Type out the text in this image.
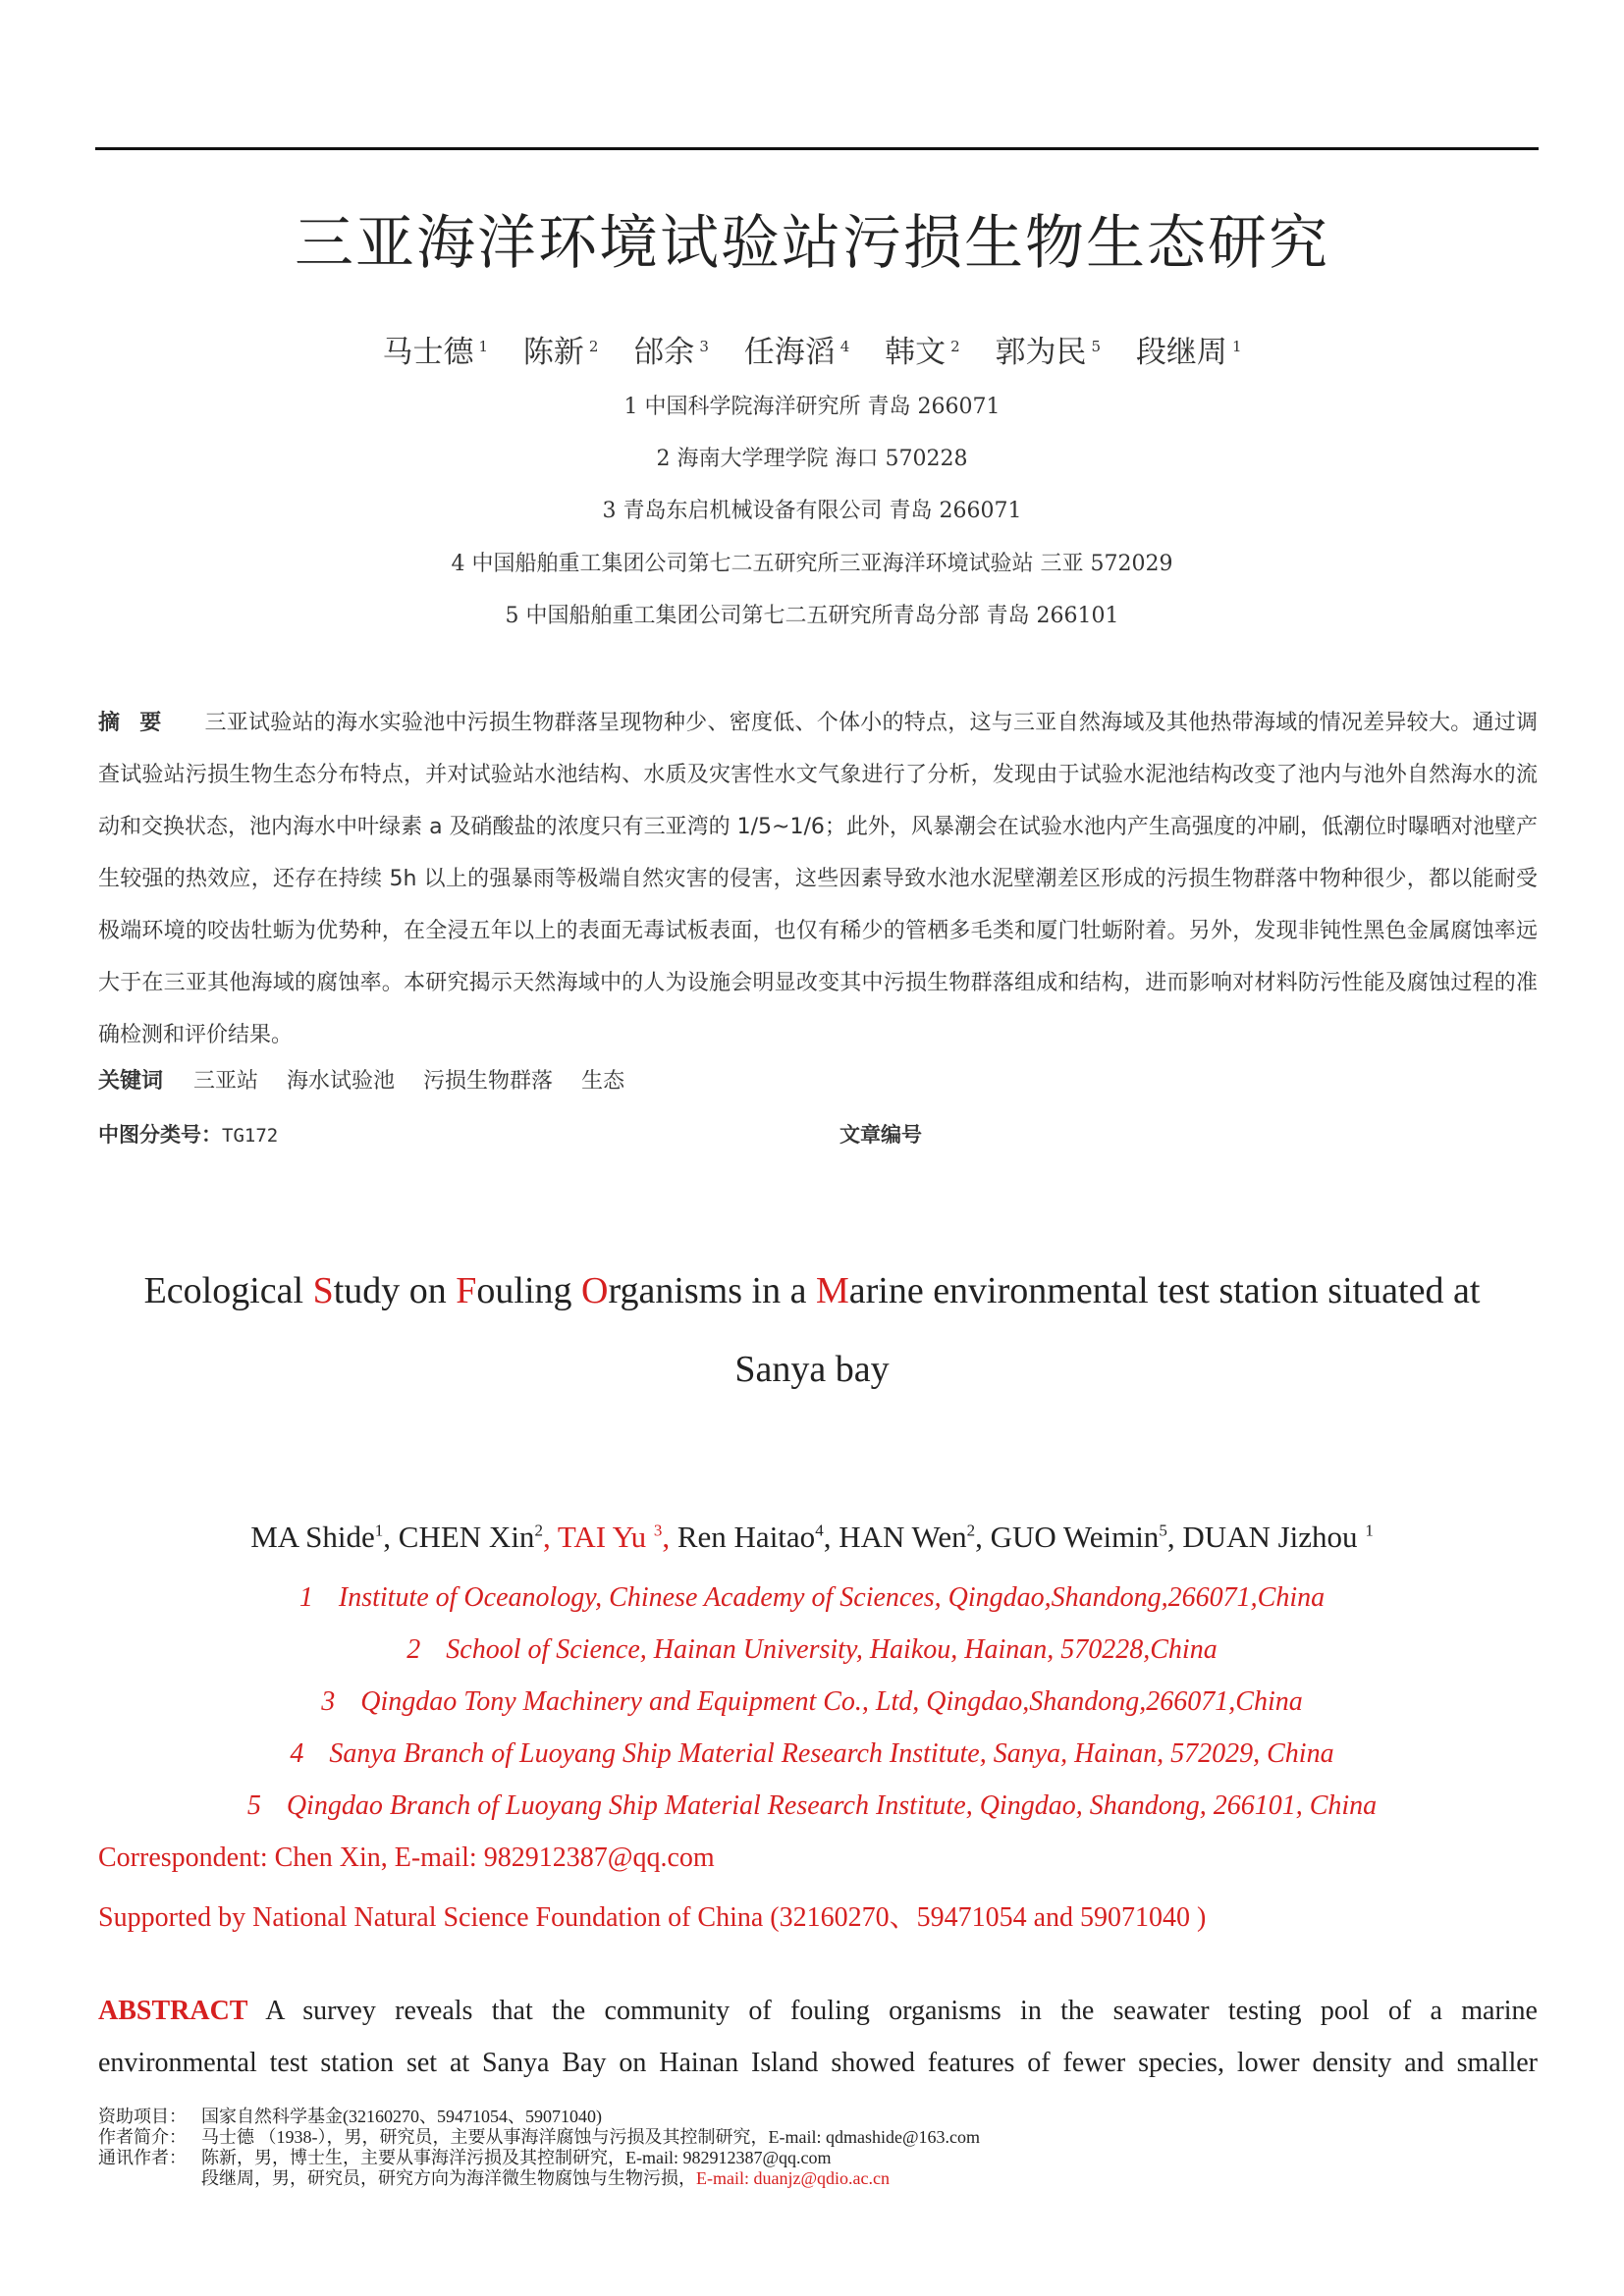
三亚海洋环境试验站污损生物生态研究
马士德 $^1$ 陈新 $^2$ 邰余 $^3$ 任海滔 $^4$ 韩文 $^2$ 郭为民 $^5$ 段继周 $^1$
1 中国科学院海洋研究所 青岛 266071
2 海南大学理学院 海口 570228
3 青岛东启机械设备有限公司 青岛 266071
4 中国船舶重工集团公司第七二五研究所三亚海洋环境试验站 三亚 572029
5 中国船舶重工集团公司第七二五研究所青岛分部 青岛 266101
摘要 三亚试验站的海水实验池中污损生物群落呈现物种少、密度低、个体小的特点，这与三亚自然海域及其他热带海域的情况差异较大。通过调查试验站污损生物生态分布特点，并对试验站水池结构、水质及灾害性水文气象进行了分析，发现由于试验水泥池结构改变了池内与池外自然海水的流动和交换状态，池内海水中叶绿素 a 及硝酸盐的浓度只有三亚湾的 1/5~1/6；此外，风暴潮会在试验水池内产生高强度的冲刷，低潮位时曝晒对池壁产生较强的热效应，还存在持续 5h 以上的强暴雨等极端自然灾害的侵害，这些因素导致水池水泥壁潮差区形成的污损生物群落中物种很少，都以能耐受极端环境的咬齿牡蛎为优势种，在全浸五年以上的表面无毒试板表面，也仅有稀少的管栖多毛类和厦门牡蛎附着。另外，发现非钝性黑色金属腐蚀率远大于在三亚其他海域的腐蚀率。本研究揭示天然海域中的人为设施会明显改变其中污损生物群落组成和结构，进而影响对材料防污性能及腐蚀过程的准确检测和评价结果。
关键词 三亚站 海水试验池 污损生物群落 生态
中图分类号：TG172	文章编号
Ecological Study on Fouling Organisms in a Marine environmental test station situated at
Sanya bay
MA Shide$^1$, CHEN Xin$^2$, TAI Yu $^3$, Ren Haitao$^4$, HAN Wen$^2$, GUO Weimin$^5$, DUAN Jizhou $^1$
1 Institute of Oceanology, Chinese Academy of Sciences, Qingdao,Shandong,266071,China
2 School of Science, Hainan University, Haikou, Hainan, 570228,China
3 Qingdao Tony Machinery and Equipment Co., Ltd, Qingdao,Shandong,266071,China
4 Sanya Branch of Luoyang Ship Material Research Institute, Sanya, Hainan, 572029, China
5 Qingdao Branch of Luoyang Ship Material Research Institute, Qingdao, Shandong, 266101, China
Correspondent: Chen Xin, E-mail: 982912387@qq.com
Supported by National Natural Science Foundation of China (32160270、59471054 and 59071040 )
ABSTRACT A survey reveals that the community of fouling organisms in the seawater testing pool of a marine
environmental test station set at Sanya Bay on Hainan Island showed features of fewer species, lower density and smaller
资助项目： 国家自然科学基金(32160270、59471054、59071040)
作者简介： 马士德 （1938-），男，研究员，主要从事海洋腐蚀与污损及其控制研究，E-mail: qdmashide@163.com
通讯作者： 陈新，男，博士生，主要从事海洋污损及其控制研究，E-mail: 982912387@qq.com
段继周，男，研究员，研究方向为海洋微生物腐蚀与生物污损，E-mail: duanjz@qdio.ac.cn
